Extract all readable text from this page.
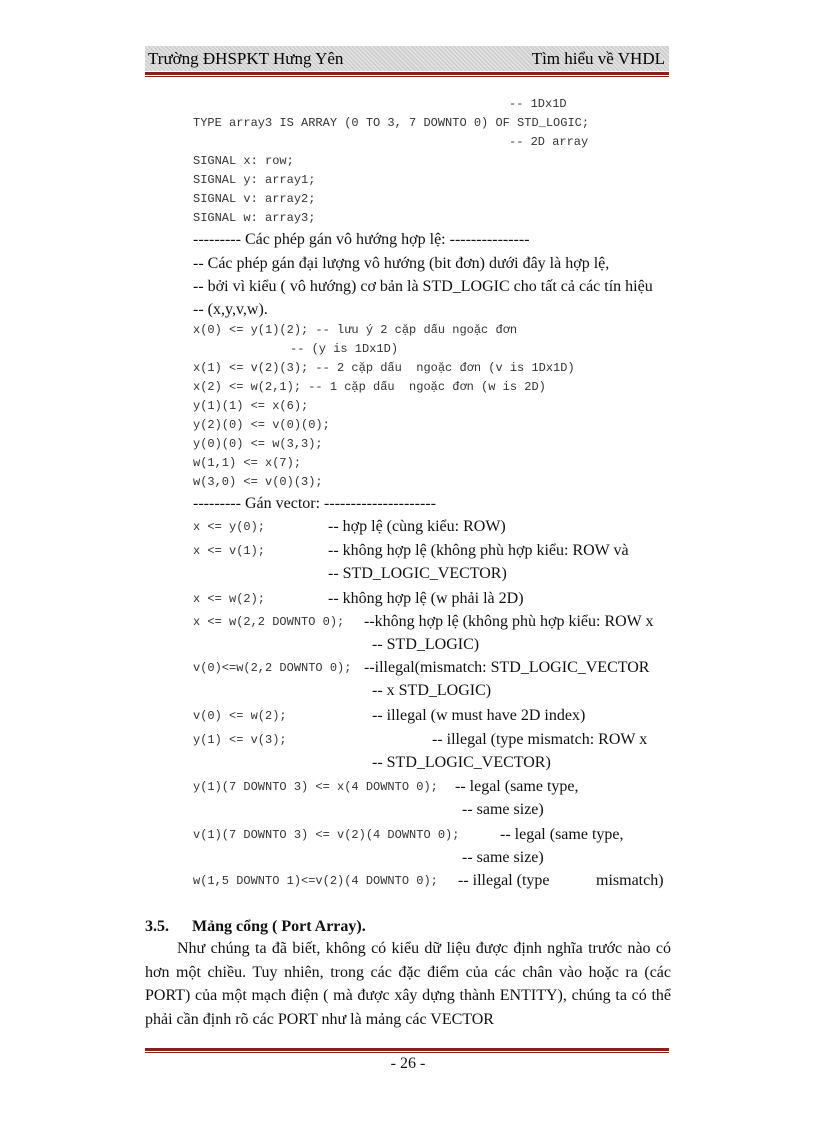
Trường ĐHSPKT Hưng Yên	Tìm hiểu về VHDL
-- 1Dx1D
TYPE array3 IS ARRAY (0 TO 3, 7 DOWNTO 0) OF STD_LOGIC;
-- 2D array
SIGNAL x: row;
SIGNAL y: array1;
SIGNAL v: array2;
SIGNAL w: array3;
--------- Các phép gán vô hướng hợp lệ: ---------------
-- Các phép gán đại lượng vô hướng (bit đơn) dưới đây là hợp lệ,
-- bởi vì kiểu ( vô hướng) cơ bản là STD_LOGIC cho tất cả các tín hiệu
-- (x,y,v,w).
x(0) <= y(1)(2); -- lưu ý 2 cặp dấu ngoặc đơn
-- (y is 1Dx1D)
x(1) <= v(2)(3); -- 2 cặp dấu  ngoặc đơn (v is 1Dx1D)
x(2) <= w(2,1); -- 1 cặp dấu  ngoặc đơn (w is 2D)
y(1)(1) <= x(6);
y(2)(0) <= v(0)(0);
y(0)(0) <= w(3,3);
w(1,1) <= x(7);
w(3,0) <= v(0)(3);
--------- Gán vector: ---------------------
x <= y(0);	-- hợp lệ (cùng kiểu: ROW)
x <= v(1);	-- không hợp lệ (không phù hợp kiểu: ROW và
-- STD_LOGIC_VECTOR)
x <= w(2);	-- không hợp lệ (w phải là 2D)
x <= w(2,2 DOWNTO 0); --không hợp lệ (không phù hợp kiểu: ROW x
-- STD_LOGIC)
v(0)<=w(2,2 DOWNTO 0); --illegal(mismatch: STD_LOGIC_VECTOR
-- x STD_LOGIC)
v(0) <= w(2);	-- illegal (w must have 2D index)
y(1) <= v(3);	-- illegal (type mismatch: ROW x
-- STD_LOGIC_VECTOR)
y(1)(7 DOWNTO 3) <= x(4 DOWNTO 0); -- legal (same type,
-- same size)
v(1)(7 DOWNTO 3) <= v(2)(4 DOWNTO 0);	-- legal (same type,
-- same size)
w(1,5 DOWNTO 1)<=v(2)(4 DOWNTO 0); -- illegal (type	mismatch)
3.5. Mảng cổng ( Port Array).
Như chúng ta đã biết, không có kiểu dữ liệu được định nghĩa trước nào có hơn một chiều. Tuy nhiên, trong các đặc điểm của các chân vào hoặc ra (các PORT) của một mạch điện ( mà được xây dựng thành ENTITY), chúng ta có thể phải cần định rõ các PORT như là mảng các VECTOR
- 26 -
